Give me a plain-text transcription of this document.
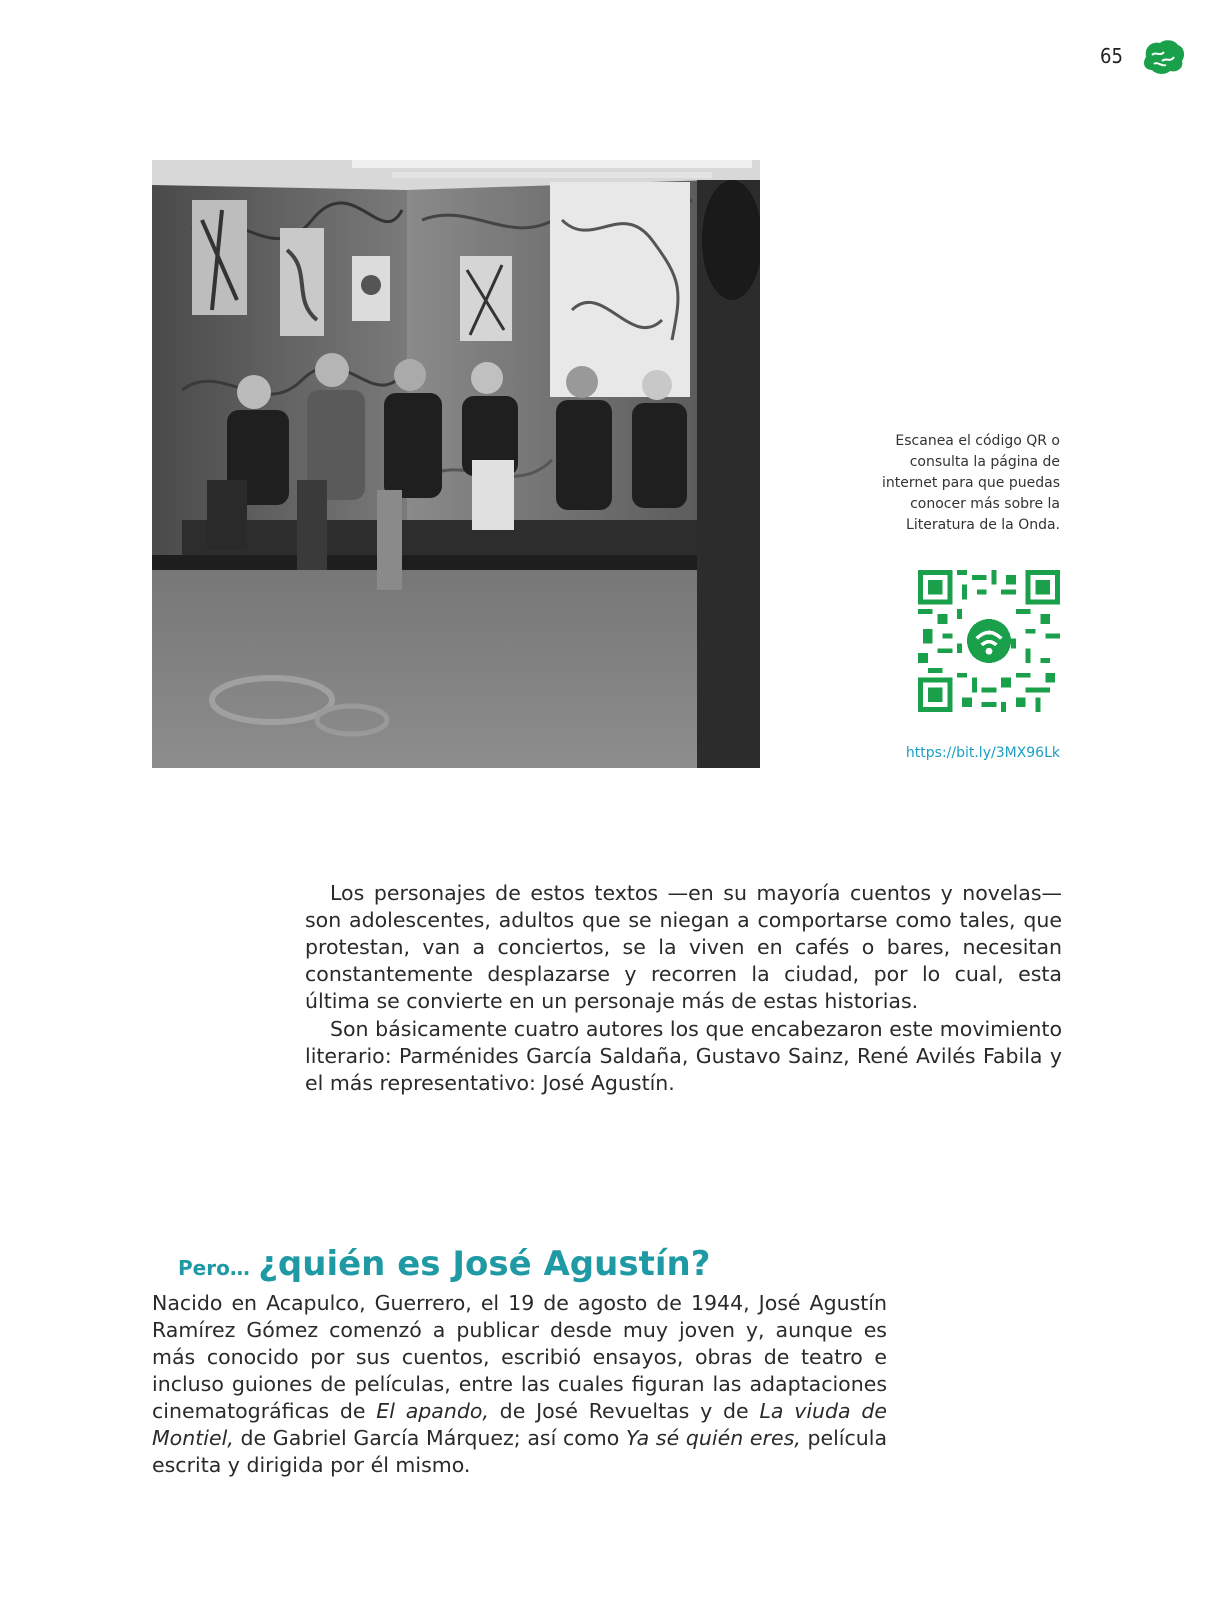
65

Escanea el código QR o consulta la página de internet para que puedas conocer más sobre la Literatura de la Onda.

https://bit.ly/3MX96Lk

Los personajes de estos textos —en su mayoría cuentos y novelas— son adolescentes, adultos que se niegan a comportarse como tales, que protestan, van a conciertos, se la viven en cafés o bares, necesitan constantemente desplazarse y recorren la ciudad, por lo cual, esta última se convierte en un personaje más de estas historias.

Son básicamente cuatro autores los que encabezaron este movimiento literario: Parménides García Saldaña, Gustavo Sainz, René Avilés Fabila y el más representativo: José Agustín.

Pero… ¿quién es José Agustín?

Nacido en Acapulco, Guerrero, el 19 de agosto de 1944, José Agustín Ramírez Gómez comenzó a publicar desde muy joven y, aunque es más conocido por sus cuentos, escribió ensayos, obras de teatro e incluso guiones de películas, entre las cuales figuran las adaptaciones cinematográficas de El apando, de José Revueltas y de La viuda de Montiel, de Gabriel García Márquez; así como Ya sé quién eres, película escrita y dirigida por él mismo.
